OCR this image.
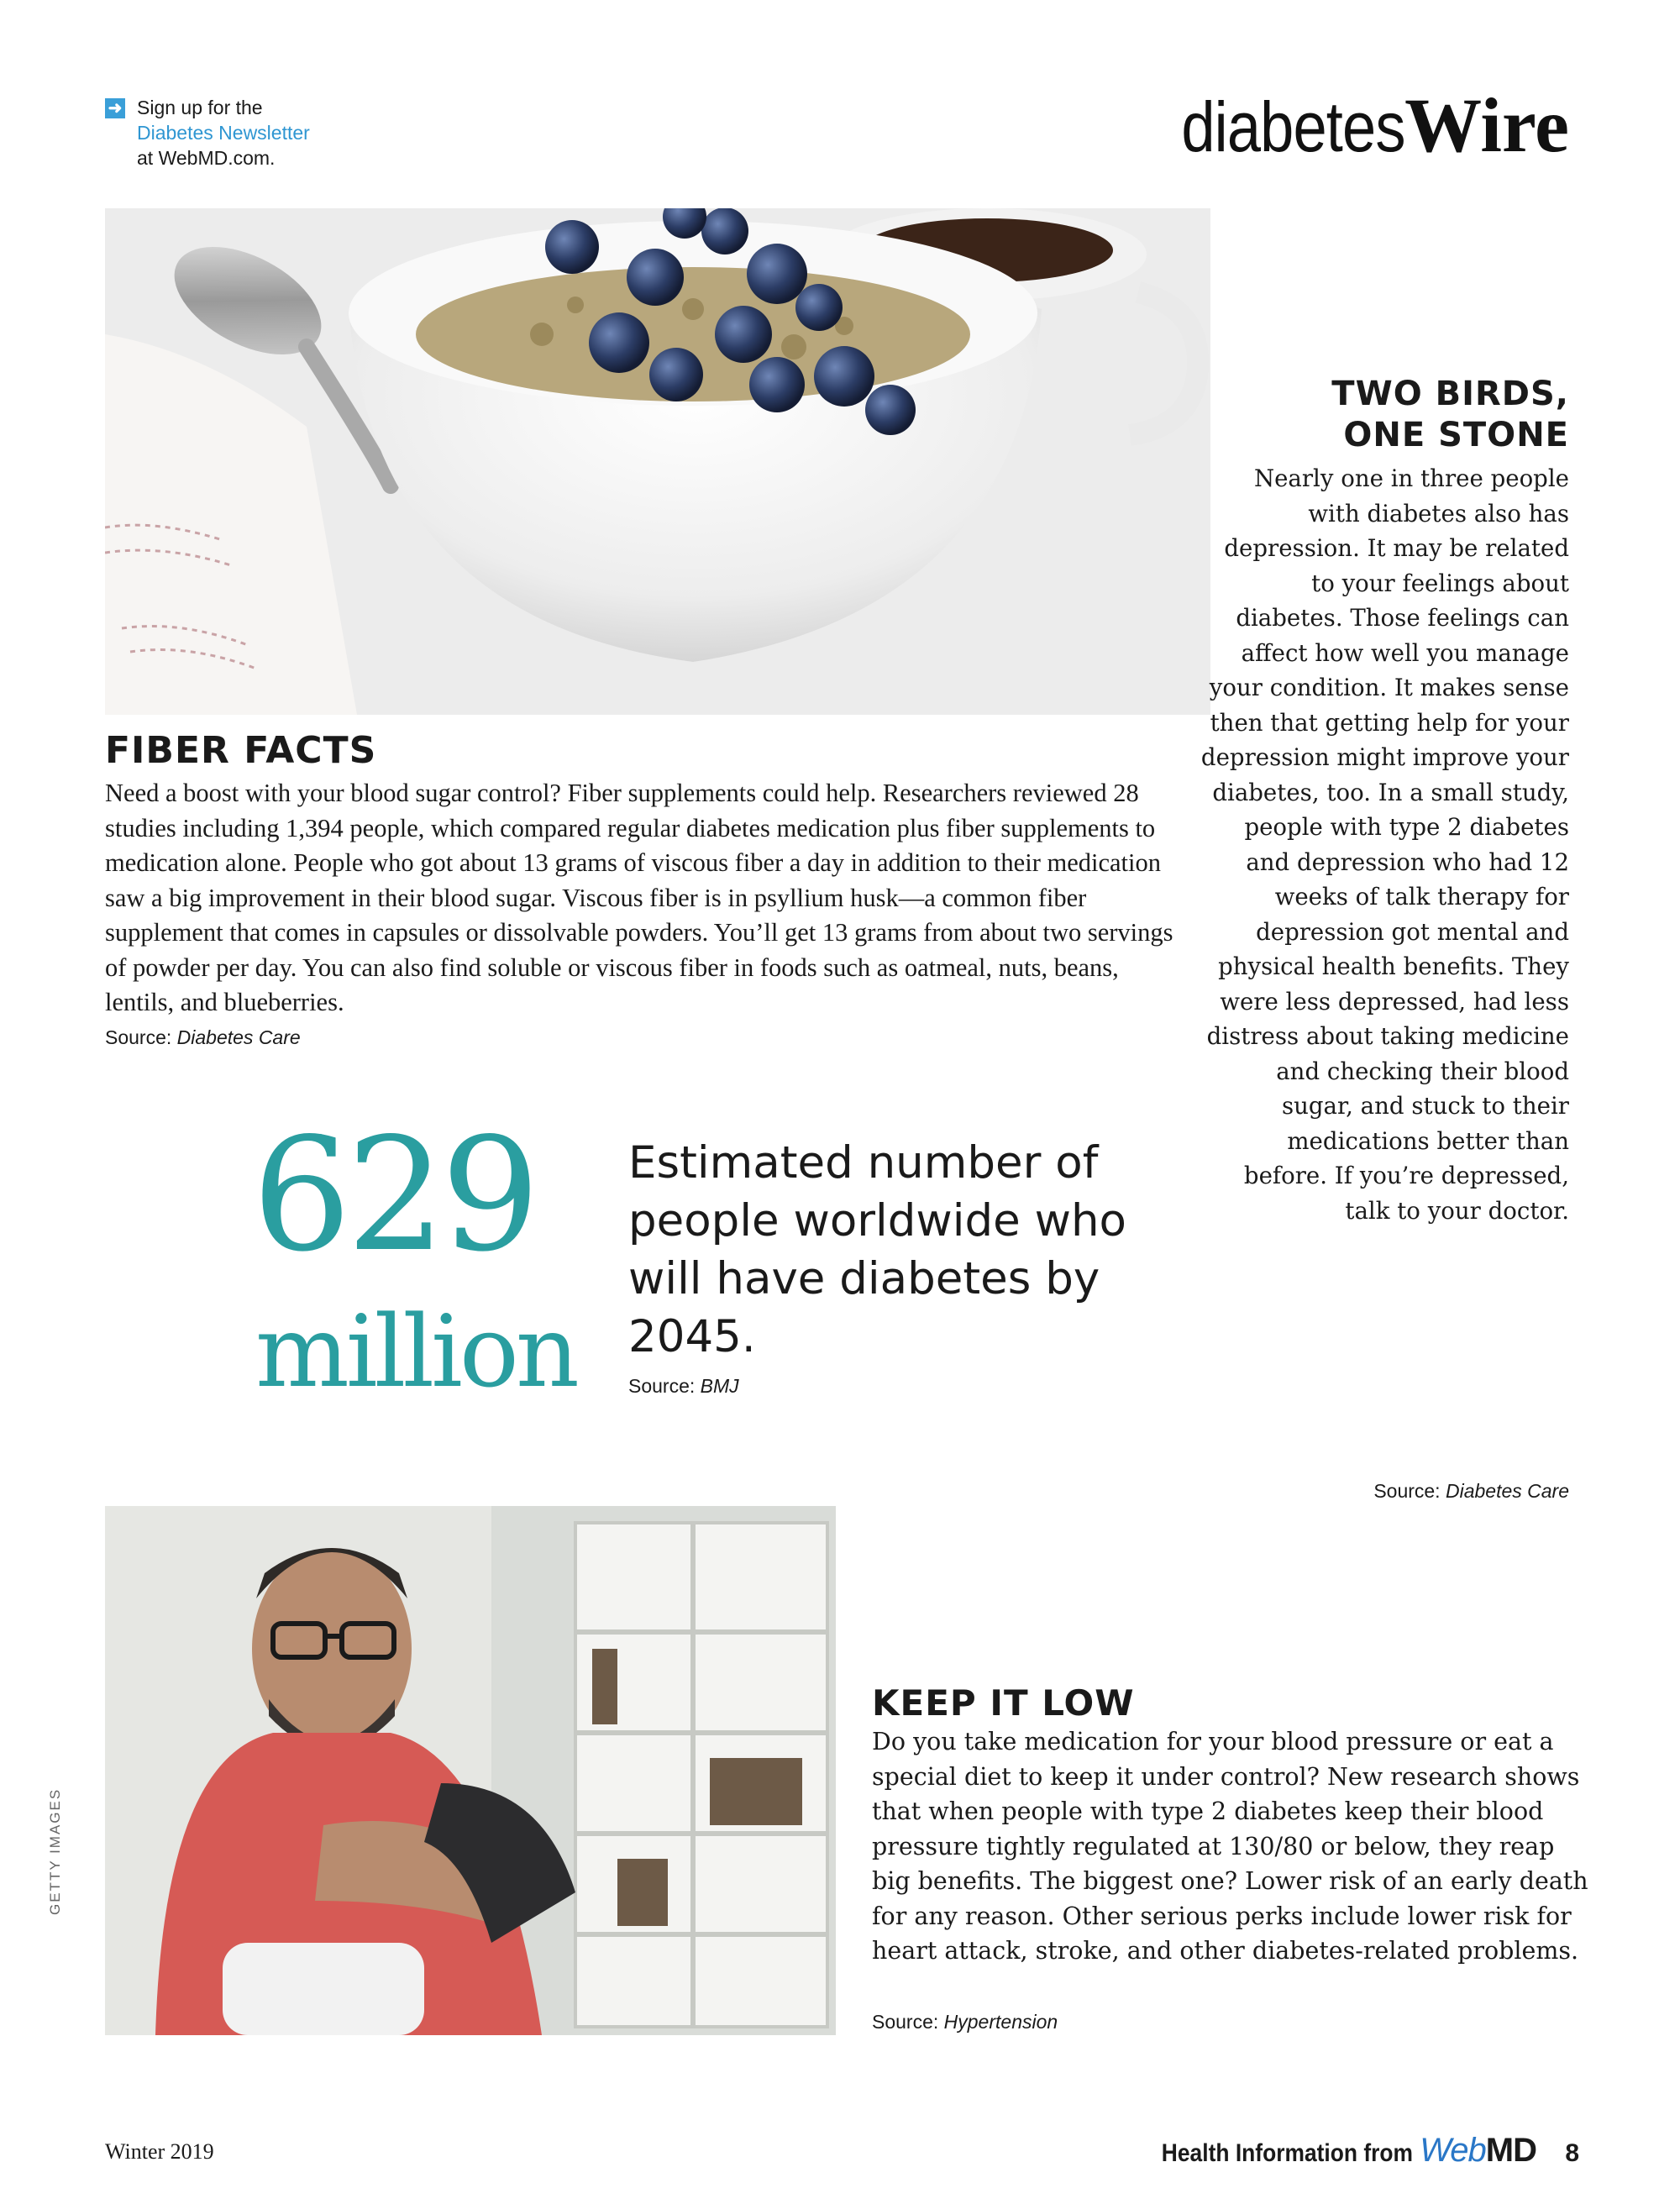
➜ Sign up for the
Diabetes Newsletter
at WebMD.com.	diabetesWire
FIBER FACTS
Need a boost with your blood sugar control? Fiber supplements could help. Researchers reviewed 28 studies including 1,394 people, which compared regular diabetes medication plus fiber supplements to medication alone. People who got about 13 grams of viscous fiber a day in addition to their medication saw a big improvement in their blood sugar. Viscous fiber is in psyllium husk—a common fiber supplement that comes in capsules or dissolvable powders. You’ll get 13 grams from about two servings of powder per day. You can also find soluble or viscous fiber in foods such as oatmeal, nuts, beans, lentils, and blueberries.
Source: Diabetes Care
629
million
Estimated number of people worldwide who will have diabetes by 2045.
Source: BMJ
TWO BIRDS,
ONE STONE
Nearly one in three people with diabetes also has depression. It may be related to your feelings about diabetes. Those feelings can affect how well you manage your condition. It makes sense then that getting help for your depression might improve your diabetes, too. In a small study, people with type 2 diabetes and depression who had 12 weeks of talk therapy for depression got mental and physical health benefits. They were less depressed, had less distress about taking medicine and checking their blood sugar, and stuck to their medications better than before. If you’re depressed, talk to your doctor.
Source: Diabetes Care
GETTY IMAGES
KEEP IT LOW
Do you take medication for your blood pressure or eat a special diet to keep it under control? New research shows that when people with type 2 diabetes keep their blood pressure tightly regulated at 130/80 or below, they reap big benefits. The biggest one? Lower risk of an early death for any reason. Other serious perks include lower risk for heart attack, stroke, and other diabetes-related problems.
Source: Hypertension
Winter 2019	Health Information from WebMD 8
